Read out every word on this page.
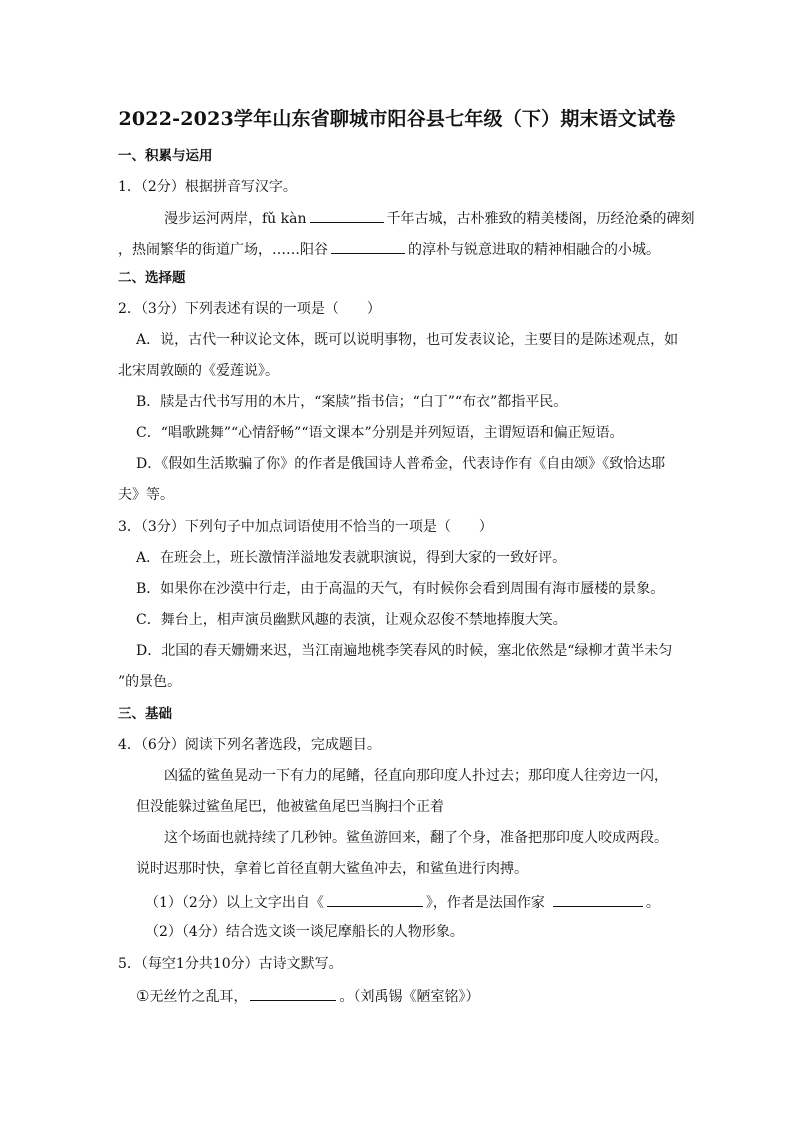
2022-2023学年山东省聊城市阳谷县七年级（下）期末语文试卷
一、积累与运用
1．（2分）根据拼音写汉字。
漫步运河两岸，fǔ kàn	千年古城，古朴雅致的精美楼阁，历经沧桑的碑刻
，热闹繁华的街道广场，……阳谷	的淳朴与锐意进取的精神相融合的小城。
二、选择题
2．（3分）下列表述有误的一项是（　　）
A．说，古代一种议论文体，既可以说明事物，也可发表议论，主要目的是陈述观点，如
北宋周敦颐的《爱莲说》。
B．牍是古代书写用的木片，“案牍”指书信；“白丁”“布衣”都指平民。
C．“唱歌跳舞”“心情舒畅”“语文课本”分别是并列短语，主谓短语和偏正短语。
D．《假如生活欺骗了你》的作者是俄国诗人普希金，代表诗作有《自由颂》《致恰达耶
夫》等。
3．（3分）下列句子中加点词语使用不恰当的一项是（　　）
A．在班会上，班长激情洋溢地发表就职演说，得到大家的一致好评。
B．如果你在沙漠中行走，由于高温的天气，有时候你会看到周围有海市蜃楼的景象。
C．舞台上，相声演员幽默风趣的表演，让观众忍俊不禁地捧腹大笑。
D．北国的春天姗姗来迟，当江南遍地桃李笑春风的时候，塞北依然是“绿柳才黄半未匀
”的景色。
三、基础
4．（6分）阅读下列名著选段，完成题目。
凶猛的鲨鱼晃动一下有力的尾鳍，径直向那印度人扑过去；那印度人往旁边一闪，
但没能躲过鲨鱼尾巴，他被鲨鱼尾巴当胸扫个正着
这个场面也就持续了几秒钟。鲨鱼游回来，翻了个身，准备把那印度人咬成两段。
说时迟那时快，拿着匕首径直朝大鲨鱼冲去，和鲨鱼进行肉搏。
（1）（2分）以上文字出自《	》，作者是法国作家	。
（2）（4分）结合选文谈一谈尼摩船长的人物形象。
5．（每空1分共10分）古诗文默写。
①无丝竹之乱耳，	。（刘禹锡《陋室铭》）
